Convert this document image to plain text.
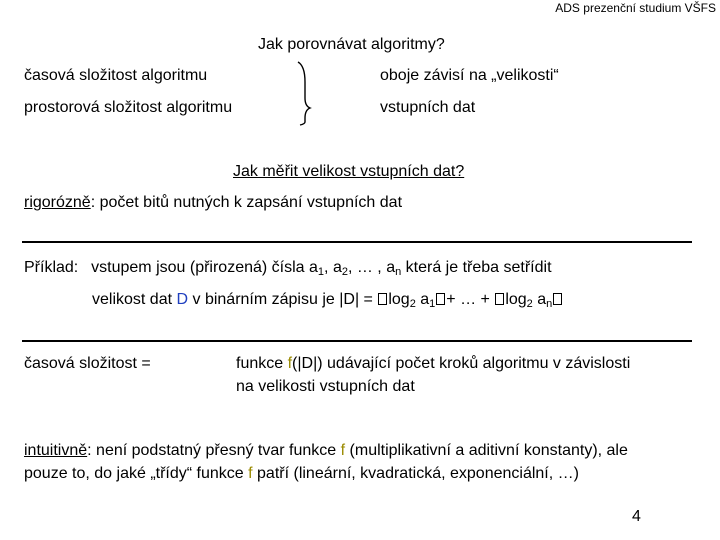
ADS prezenční studium VŠFS
Jak porovnávat algoritmy?
časová složitost algoritmu
prostorová složitost algoritmu
oboje závisí na „velikosti“
vstupních dat
Jak měřit velikost vstupních dat?
rigorózně: počet bitů nutných k zapsání vstupních dat
Příklad: vstupem jsou (přirozená) čísla $a_1$, $a_2$, … , $a_n$ která je třeba setřídit
velikost dat D v binárním zápisu je $|D| = \log_2 a_1$ + … + $\log_2 a_n$
časová složitost =	funkce f(|D|) udávající počet kroků algoritmu v závislosti
na velikosti vstupních dat
intuitivně: není podstatný přesný tvar funkce f (multiplikativní a aditivní konstanty), ale
pouze to, do jaké „třídy“ funkce f patří (lineární, kvadratická, exponenciální, …)
4
